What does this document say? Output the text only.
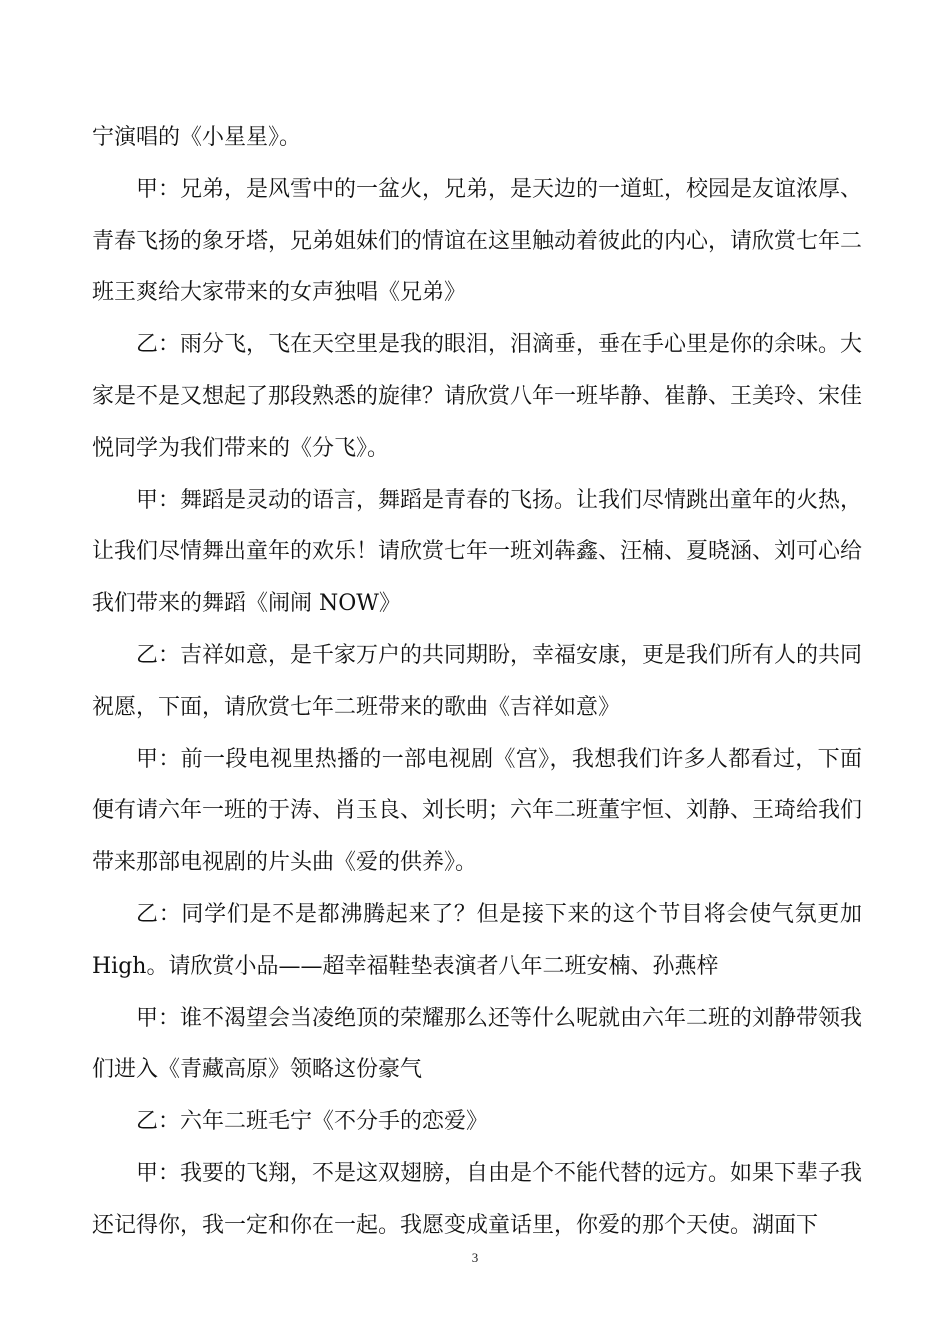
宁演唱的《小星星》。

甲：兄弟，是风雪中的一盆火，兄弟，是天边的一道虹，校园是友谊浓厚、青春飞扬的象牙塔，兄弟姐妹们的情谊在这里触动着彼此的内心，请欣赏七年二班王爽给大家带来的女声独唱《兄弟》

乙：雨分飞，飞在天空里是我的眼泪，泪滴垂，垂在手心里是你的余味。大家是不是又想起了那段熟悉的旋律？请欣赏八年一班毕静、崔静、王美玲、宋佳悦同学为我们带来的《分飞》。

甲：舞蹈是灵动的语言，舞蹈是青春的飞扬。让我们尽情跳出童年的火热，让我们尽情舞出童年的欢乐！请欣赏七年一班刘犇鑫、汪楠、夏晓涵、刘可心给我们带来的舞蹈《闹闹 NOW》

乙：吉祥如意，是千家万户的共同期盼，幸福安康，更是我们所有人的共同祝愿，下面，请欣赏七年二班带来的歌曲《吉祥如意》

甲：前一段电视里热播的一部电视剧《宫》，我想我们许多人都看过，下面便有请六年一班的于涛、肖玉良、刘长明；六年二班董宇恒、刘静、王琦给我们带来那部电视剧的片头曲《爱的供养》。

乙：同学们是不是都沸腾起来了？但是接下来的这个节目将会使气氛更加High。请欣赏小品——超幸福鞋垫表演者八年二班安楠、孙燕梓

甲：谁不渴望会当凌绝顶的荣耀那么还等什么呢就由六年二班的刘静带领我们进入《青藏高原》领略这份豪气

乙：六年二班毛宁《不分手的恋爱》

甲：我要的飞翔，不是这双翅膀，自由是个不能代替的远方。如果下辈子我还记得你，我一定和你在一起。我愿变成童话里，你爱的那个天使。湖面下

3
